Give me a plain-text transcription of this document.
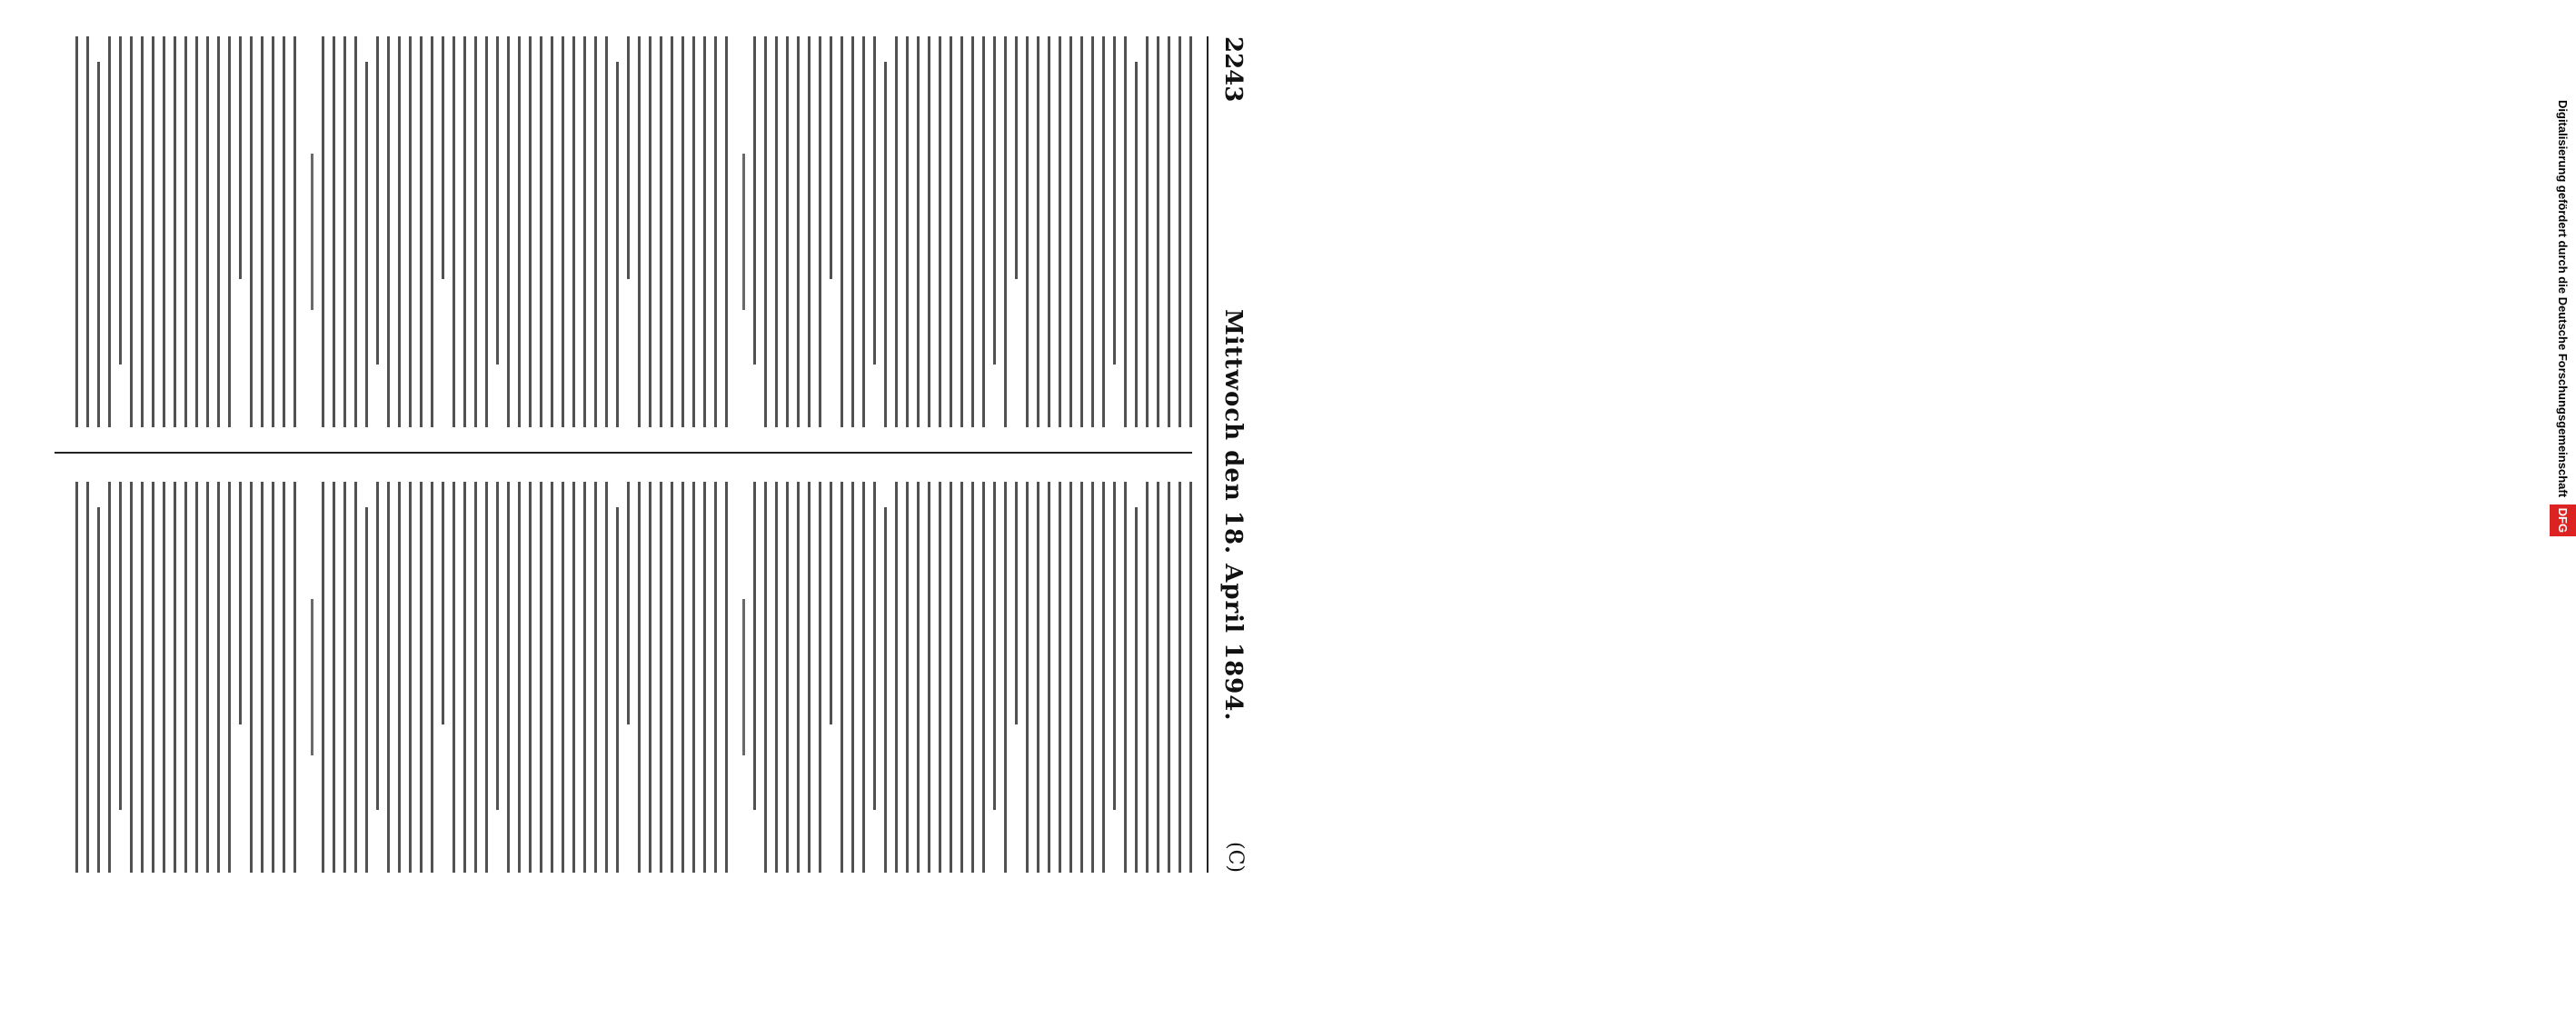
2243
Mittwoch den 18. April 1894.
(C)
Digitalisierung gefördert durch die Deutsche Forschungsgemeinschaft DFG
